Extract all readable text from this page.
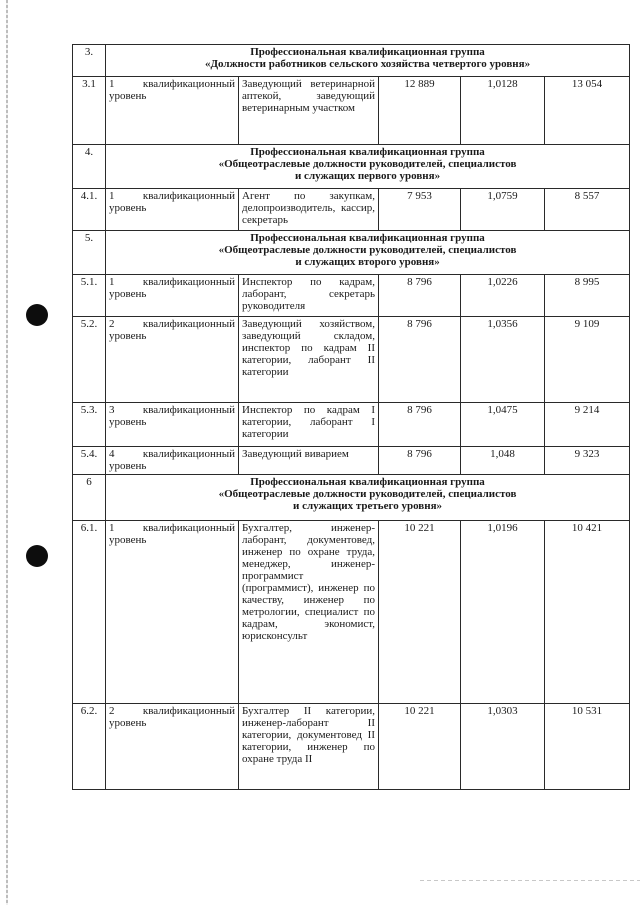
3.	Профессиональная квалификационная группа
«Должности работников сельского хозяйства четвертого уровня»				

3.1	1 квалификационный уровень	Заведующий ветеринарной аптекой, заведующий ветеринарным участком	12 889	1,0128	13 054
4.	Профессиональная квалификационная группа
«Общеотраслевые должности руководителей, специалистов
и служащих первого уровня»				

4.1.	1 квалификационный уровень	Агент по закупкам, делопроизводитель, кассир, секретарь	7 953	1,0759	8 557
5.	Профессиональная квалификационная группа
«Общеотраслевые должности руководителей, специалистов
и служащих второго уровня»				

5.1.	1 квалификационный уровень	Инспектор по кадрам, лаборант, секретарь руководителя	8 796	1,0226	8 995
5.2.	2 квалификационный уровень	Заведующий хозяйством, заведующий складом, инспектор по кадрам II категории, лаборант II категории	8 796	1,0356	9 109
5.3.	3 квалификационный уровень	Инспектор по кадрам I категории, лаборант I категории	8 796	1,0475	9 214
5.4.	4 квалификационный уровень	Заведующий виварием	8 796	1,048	9 323
6	Профессиональная квалификационная группа
«Общеотраслевые должности руководителей, специалистов
и служащих третьего уровня»				

6.1.	1 квалификационный уровень	Бухгалтер, инженер-лаборант, документовед, инженер по охране труда, менеджер, инженер-программист (программист), инженер по качеству, инженер по метрологии, специалист по кадрам, экономист, юрисконсульт	10 221	1,0196	10 421
6.2.	2 квалификационный уровень	Бухгалтер II категории, инженер-лаборант II категории, документовед II категории, инженер по охране труда II	10 221	1,0303	10 531
